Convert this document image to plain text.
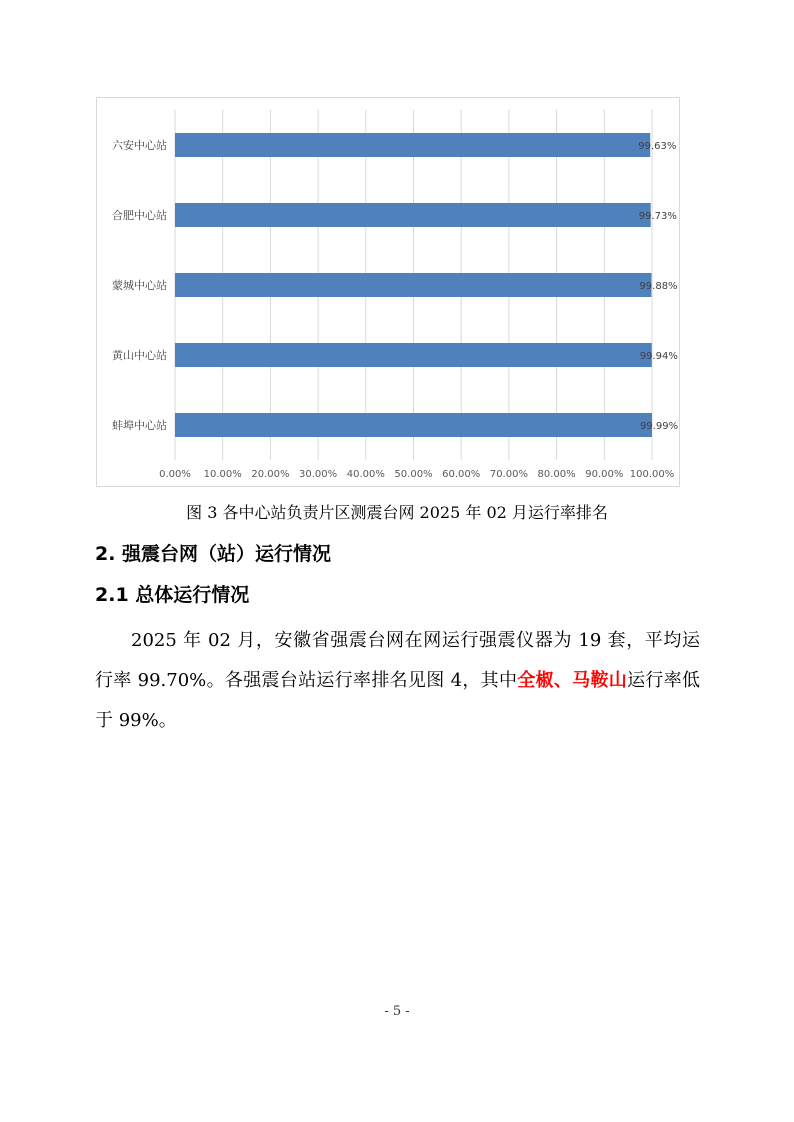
0.00% 10.00% 20.00% 30.00% 40.00% 50.00% 60.00% 70.00% 80.00% 90.00% 100.00%
六安中心站	99.63%
合肥中心站	99.73%
蒙城中心站	99.88%
黄山中心站	99.94%
蚌埠中心站	99.99%
图 3 各中心站负责片区测震台网 2025 年 02 月运行率排名
2. 强震台网（站）运行情况
2.1 总体运行情况
2025 年 02 月，安徽省强震台网在网运行强震仪器为 19 套，平均运行率 99.70%。各强震台站运行率排名见图 4，其中全椒、马鞍山运行率低于 99%。
- 5 -
